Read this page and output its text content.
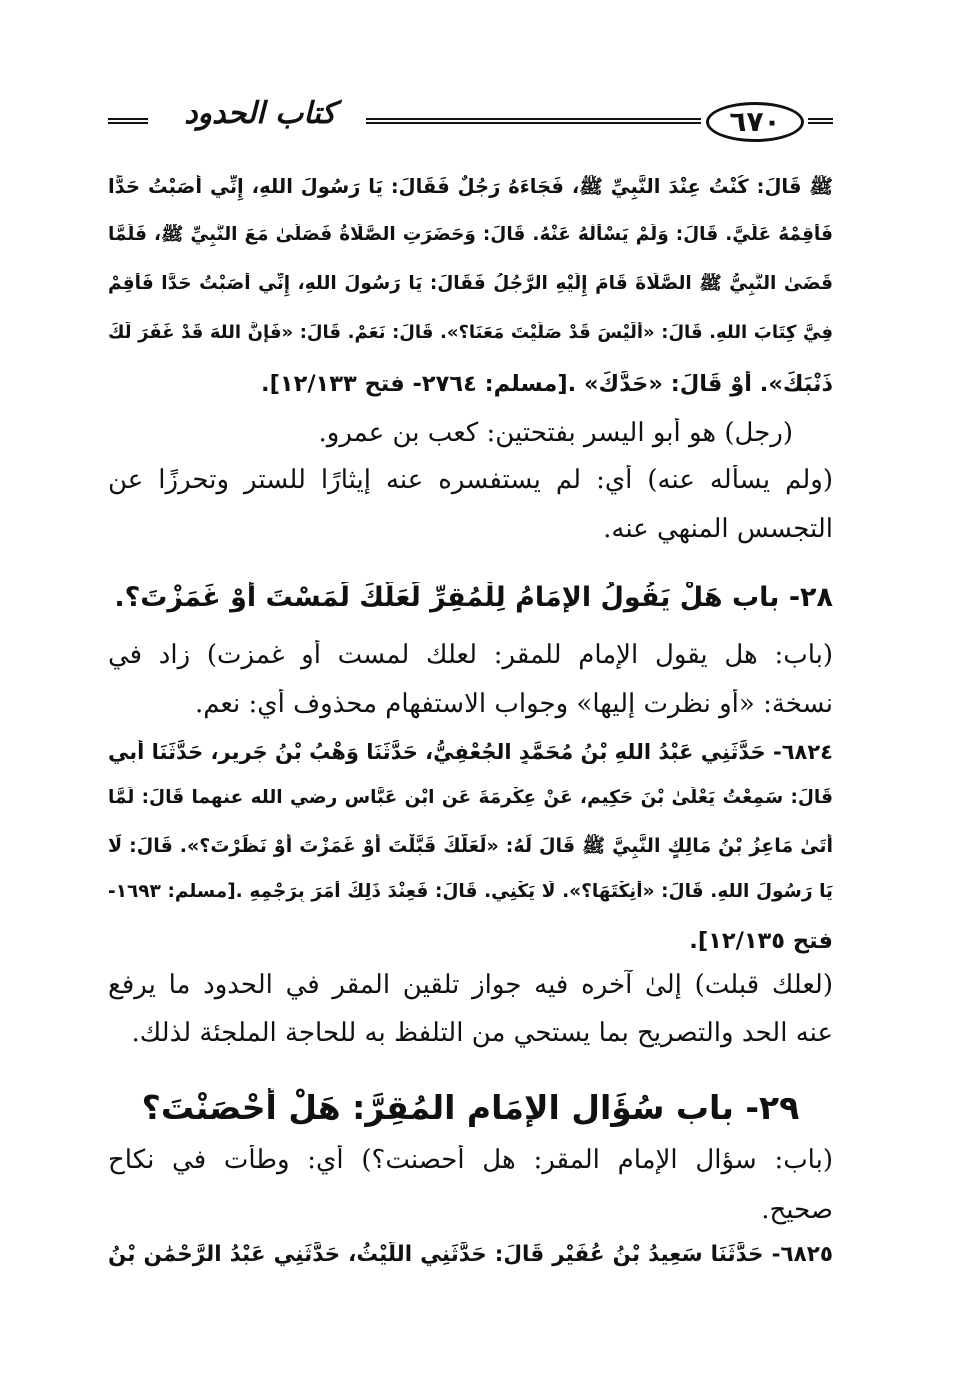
كتاب الحدود	٦٧٠
ﷺ قَالَ: كُنْتُ عِنْدَ النَّبِيِّ ﷺ، فَجَاءَهُ رَجُلٌ فَقَالَ: يَا رَسُولَ اللهِ، إِنِّي أَصَبْتُ حَدًّا
فَأَقِمْهُ عَلَيَّ. قَالَ: وَلَمْ يَسْأَلْهُ عَنْهُ. قَالَ: وَحَضَرَتِ الصَّلَاةُ فَصَلَّىٰ مَعَ النَّبِيِّ ﷺ، فَلَمَّا
قَضَىٰ النَّبِيُّ ﷺ الصَّلَاةَ قَامَ إِلَيْهِ الرَّجُلُ فَقَالَ: يَا رَسُولَ اللهِ، إِنِّي أَصَبْتُ حَدًّا فَأَقِمْ
فِيَّ كِتَابَ اللهِ. قَالَ: «أَلَيْسَ قَدْ صَلَّيْتَ مَعَنَا؟». قَالَ: نَعَمْ. قَالَ: «فَإِنَّ اللهَ قَدْ غَفَرَ لَكَ
ذَنْبَكَ». أَوْ قَالَ: «حَدَّكَ» .[مسلم: ٢٧٦٤- فتح ١٢/١٣٣].
(رجل) هو أبو اليسر بفتحتين: كعب بن عمرو.
(ولم يسأله عنه) أي: لم يستفسره عنه إيثارًا للستر وتحرزًا عن
التجسس المنهي عنه.
٢٨- باب هَلْ يَقُولُ الإِمَامُ لِلْمُقِرِّ لَعَلَّكَ لَمَسْتَ أَوْ غَمَزْتَ؟.
(باب: هل يقول الإمام للمقر: لعلك لمست أو غمزت) زاد في
نسخة: «أو نظرت إليها» وجواب الاستفهام محذوف أي: نعم.
٦٨٢٤- حَدَّثَنِي عَبْدُ اللهِ بْنُ مُحَمَّدٍ الجُعْفِيُّ، حَدَّثَنَا وَهْبُ بْنُ جَرِيرٍ، حَدَّثَنَا أَبِي
قَالَ: سَمِعْتُ يَعْلَىٰ بْنَ حَكِيمٍ، عَنْ عِكْرِمَةَ عَنِ ابْنِ عَبَّاسٍ رضي الله عنهما قَالَ: لَمَّا
أَتَىٰ مَاعِزُ بْنُ مَالِكٍ النَّبِيَّ ﷺ قَالَ لَهُ: «لَعَلَّكَ قَبَّلْتَ أَوْ غَمَزْتَ أَوْ نَظَرْتَ؟». قَالَ: لَا
يَا رَسُولَ اللهِ. قَالَ: «أَنِكْتَهَا؟». لَا يَكْنِي. قَالَ: فَعِنْدَ ذَلِكَ أَمَرَ بِرَجْمِهِ .[مسلم: ١٦٩٣-
فتح ١٢/١٣٥].
(لعلك قبلت) إلىٰ آخره فيه جواز تلقين المقر في الحدود ما يرفع
عنه الحد والتصريح بما يستحي من التلفظ به للحاجة الملجئة لذلك.
٢٩- باب سُؤَالِ الإِمَامِ المُقِرَّ: هَلْ أَحْصَنْتَ؟
(باب: سؤال الإمام المقر: هل أحصنت؟) أي: وطأت في نكاح
صحيح.
٦٨٢٥- حَدَّثَنَا سَعِيدُ بْنُ عُفَيْرٍ قَالَ: حَدَّثَنِي اللَّيْثُ، حَدَّثَنِي عَبْدُ الرَّحْمَٰنِ بْنُ
